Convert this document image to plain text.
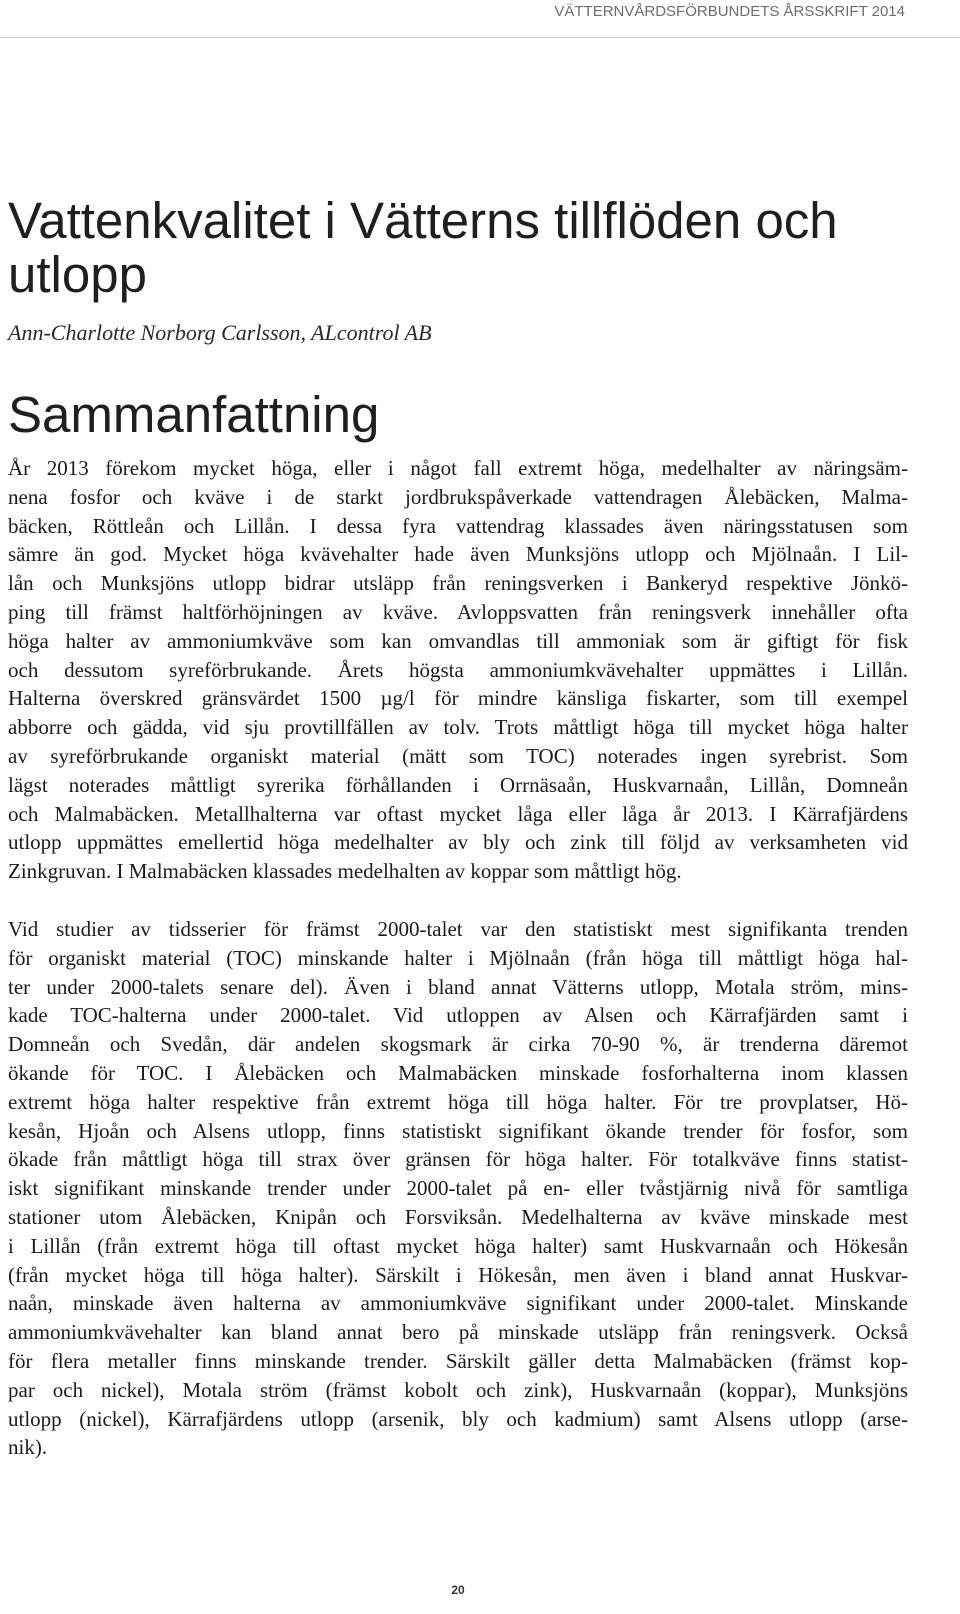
VÄTTERNVÅRDSFÖRBUNDETS ÅRSSKRIFT 2014
Vattenkvalitet i Vätterns tillflöden och
utlopp

Ann-Charlotte Norborg Carlsson, ALcontrol AB

Sammanfattning
År 2013 förekom mycket höga, eller i något fall extremt höga, medelhalter av näringsäm-
nena fosfor och kväve i de starkt jordbrukspåverkade vattendragen Ålebäcken, Malma-
bäcken, Röttleån och Lillån. I dessa fyra vattendrag klassades även näringsstatusen som
sämre än god. Mycket höga kvävehalter hade även Munksjöns utlopp och Mjölnaån. I Lil-
lån och Munksjöns utlopp bidrar utsläpp från reningsverken i Bankeryd respektive Jönkö-
ping till främst haltförhöjningen av kväve. Avloppsvatten från reningsverk innehåller ofta
höga halter av ammoniumkväve som kan omvandlas till ammoniak som är giftigt för fisk
och dessutom syreförbrukande. Årets högsta ammoniumkvävehalter uppmättes i Lillån.
Halterna överskred gränsvärdet 1500 µg/l för mindre känsliga fiskarter, som till exempel
abborre och gädda, vid sju provtillfällen av tolv. Trots måttligt höga till mycket höga halter
av syreförbrukande organiskt material (mätt som TOC) noterades ingen syrebrist. Som
lägst noterades måttligt syrerika förhållanden i Orrnäsaån, Huskvarnaån, Lillån, Domneån
och Malmabäcken. Metallhalterna var oftast mycket låga eller låga år 2013. I Kärrafjärdens
utlopp uppmättes emellertid höga medelhalter av bly och zink till följd av verksamheten vid
Zinkgruvan. I Malmabäcken klassades medelhalten av koppar som måttligt hög.
Vid studier av tidsserier för främst 2000-talet var den statistiskt mest signifikanta trenden
för organiskt material (TOC) minskande halter i Mjölnaån (från höga till måttligt höga hal-
ter under 2000-talets senare del). Även i bland annat Vätterns utlopp, Motala ström, mins-
kade TOC-halterna under 2000-talet. Vid utloppen av Alsen och Kärrafjärden samt i
Domneån och Svedån, där andelen skogsmark är cirka 70-90 %, är trenderna däremot
ökande för TOC. I Ålebäcken och Malmabäcken minskade fosforhalterna inom klassen
extremt höga halter respektive från extremt höga till höga halter. För tre provplatser, Hö-
kesån, Hjoån och Alsens utlopp, finns statistiskt signifikant ökande trender för fosfor, som
ökade från måttligt höga till strax över gränsen för höga halter. För totalkväve finns statist-
iskt signifikant minskande trender under 2000-talet på en- eller tvåstjärnig nivå för samtliga
stationer utom Ålebäcken, Knipån och Forsviksån. Medelhalterna av kväve minskade mest
i Lillån (från extremt höga till oftast mycket höga halter) samt Huskvarnaån och Hökesån
(från mycket höga till höga halter). Särskilt i Hökesån, men även i bland annat Huskvar-
naån, minskade även halterna av ammoniumkväve signifikant under 2000-talet. Minskande
ammoniumkvävehalter kan bland annat bero på minskade utsläpp från reningsverk. Också
för flera metaller finns minskande trender. Särskilt gäller detta Malmabäcken (främst kop-
par och nickel), Motala ström (främst kobolt och zink), Huskvarnaån (koppar), Munksjöns
utlopp (nickel), Kärrafjärdens utlopp (arsenik, bly och kadmium) samt Alsens utlopp (arse-
nik).
20
